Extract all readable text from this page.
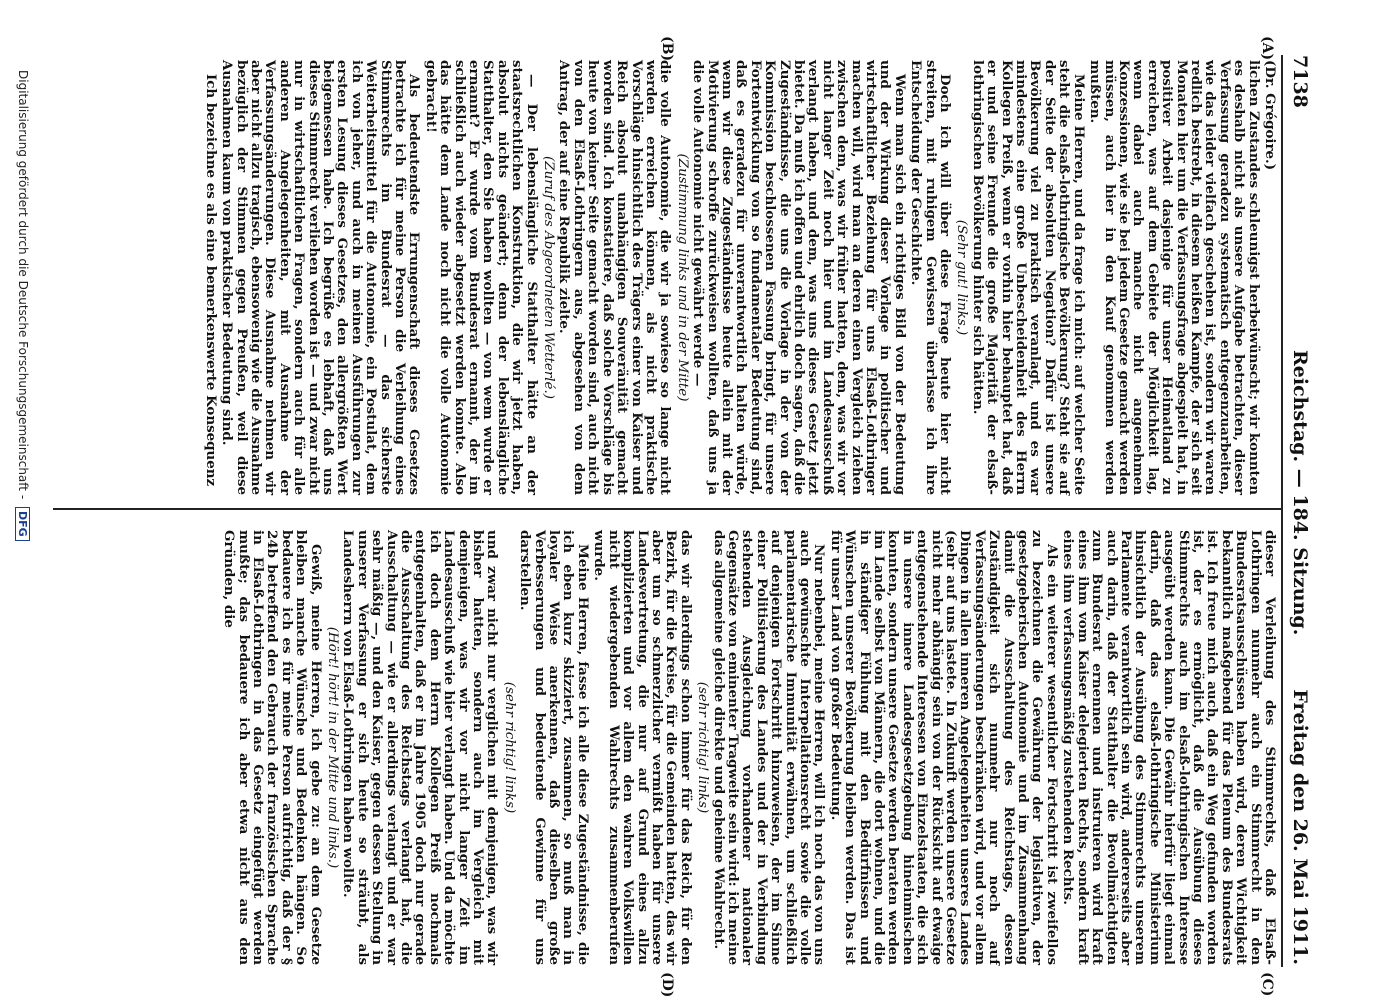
7138
Reichstag. — 184. Sitzung.
Freitag den 26. Mai 1911.
(A)
(B)
(C)
(D)

(Dr. Grégoire.)

lichen Zustandes schleunigst herbeiwünscht; wir konnten es deshalb nicht als unsere Aufgabe betrachten, dieser Verfassung geradezu systematisch entgegenzuarbeiten, wie das leider vielfach geschehen ist, sondern wir waren redlich bestrebt, in diesem heißen Kampfe, der sich seit Monaten hier um die Verfassungsfrage abgespielt hat, in positiver Arbeit dasjenige für unser Heimatland zu erreichen, was auf dem Gebiete der Möglichkeit lag, wenn dabei auch manche nicht angenehmen Konzessionen, wie sie bei jedem Gesetze gemacht werden müssen, auch hier in den Kauf genommen werden mußten.

Meine Herren, und da frage ich mich: auf welcher Seite steht die elsaß-lothringische Bevölkerung? Steht sie auf der Seite der absoluten Negation? Dafür ist unsere Bevölkerung viel zu praktisch veranlagt, und es war mindestens eine große Unbescheidenheit des Herrn Kollegen Preiß, wenn er vorhin hier behauptet hat, daß er und seine Freunde die große Majorität der elsaß-lothringischen Bevölkerung hinter sich hätten.

(Sehr gut! links.)

Doch ich will über diese Frage heute hier nicht streiten, mit ruhigem Gewissen überlasse ich ihre Entscheidung der Geschichte.

Wenn man sich ein richtiges Bild von der Bedeutung und der Wirkung dieser Vorlage in politischer und wirtschaftlicher Beziehung für uns Elsaß-Lothringer machen will, wird man an deren einen Vergleich ziehen zwischen dem, was wir früher hatten, dem, was wir vor nicht langer Zeit noch hier und im Landesausschuß verlangt haben, und dem, was uns dieses Gesetz jetzt bietet. Da muß ich offen und ehrlich doch sagen, daß die Zugeständnisse, die uns die Vorlage in der von der Kommission beschlossenen Fassung bringt, für unsere Fortentwicklung von so fundamentaler Bedeutung sind, daß es geradezu für unverantwortlich halten würde, wenn wir diese Zugeständnisse heute allein mit der Motivierung schroffe zurückweisen wollten, daß uns ja die volle Autonomie nicht gewährt werde —

(Zustimmung links und in der Mitte)

die volle Autonomie, die wir ja sowieso so lange nicht werden erreichen können, als nicht praktische Vorschläge hinsichtlich des Trägers einer von Kaiser und Reich absolut unabhängigen Souveränität gemacht worden sind. Ich konstatiere, daß solche Vorschläge bis heute von keiner Seite gemacht worden sind, auch nicht von den Elsaß-Lothringern aus, abgesehen von dem Antrag, der auf eine Republik zielte.

(Zuruf des Abgeordneten Wetterlé.)

— Der lebenslängliche Statthalter hätte an der staatsrechtlichen Konstruktion, die wir jetzt haben, absolut nichts geändert; denn der lebenslängliche Statthalter, den Sie haben wollten — von wem wurde er ernannt? Er wurde vom Bundesrat ernannt, der im schließlich auch wieder abgesetzt werden konnte. Also das hätte dem Lande noch nicht die volle Autonomie gebracht!

Als bedeutendste Errungenschaft dieses Gesetzes betrachte ich für meine Person die Verleihung eines Stimmrechts im Bundesrat — das sicherste Weiterheitsmittel für die Autonomie, ein Postulat, dem ich von jeher, und auch in meinen Ausführungen zur ersten Lesung dieses Gesetzes, den allergrößten Wert beigemessen habe. Ich begrüße es lebhaft, daß uns dieses Stimmrecht verliehen worden ist — und zwar nicht nur in wirtschaftlichen Fragen, sondern auch für alle anderen Angelegenheiten, mit Ausnahme der Verfassungsänderungen. Diese Ausnahme nehmen wir aber nicht allzu tragisch, ebensowenig wie die Ausnahme bezüglich der Stimmen gegen Preußen, weil diese Ausnahmen kaum von praktischer Bedeutung sind.

Ich bezeichne es als eine bemerkenswerte Konsequenz

dieser Verleihung des Stimmrechts, daß Elsaß-Lothringen nunmehr auch ein Stimmrecht in den Bundesratsausschüssen haben wird, deren Wichtigkeit bekanntlich maßgebend für das Plenum des Bundesrats ist. Ich freue mich auch, daß ein Weg gefunden worden ist, der es ermöglicht, daß die Ausübung dieses Stimmrechts auch im elsaß-lothringischen Interesse ausgeübt werden kann. Die Gewähr hierfür liegt einmal darin, daß das elsaß-lothringische Ministerium hinsichtlich der Ausübung des Stimmrechts unserem Parlamente verantwortlich sein wird, andererseits aber auch darin, daß der Statthalter die Bevollmächtigten zum Bundesrat ernennen und instruieren wird kraft eines ihm vom Kaiser delegierten Rechts, sondern kraft eines ihm verfassungsmäßig zustehenden Rechts.

Als ein weiterer wesentlicher Fortschritt ist zweifellos zu bezeichnen die Gewährung der legislativen, der gesetzgeberischen Autonomie und im Zusammenhang damit die Ausschaltung des Reichstags, dessen Zuständigkeit sich nunmehr nur noch auf Verfassungsänderungen beschränken wird, und vor allem Dingen in allen inneren Angelegenheiten unseres Landes (sehr auf uns lastete. In Zukunft werden unsere Gesetze nicht mehr abhängig sein von der Rücksicht auf etwaige entgegenstehende Interessen von Einzelstaaten, die sich in unsere innere Landesgesetzgebung hineinmischen konnten, sondern unsere Gesetze werden beraten werden im Lande selbst von Männern, die dort wohnen, und die in ständiger Fühlung mit den Bedürfnissen und Wünschen unserer Bevölkerung bleiben werden. Das ist für unser Land von großer Bedeutung.

Nur nebenbei, meine Herren, will ich noch das von uns auch gewünschte Interpellationsrecht sowie die volle parlamentarische Immunität erwähnen, um schließlich auf denjenigen Fortschritt hinzuweisen, der im Sinne einer Politisierung des Landes und der in Verbindung stehenden Ausgleichung vorhandener nationaler Gegensätze von eminenter Tragweite sein wird: ich meine das allgemeine gleiche direkte und geheime Wahlrecht.

(sehr richtig! links)

das wir allerdings schon immer für das Reich, für den Bezirk, für die Kreise, für die Gemeinden hatten, das wir aber um so schmerzlicher vermißt haben für unsere Landesvertretung, die nur auf Grund eines allzu komplizierten und vor allem den wahren Volkswillen nicht wiedergebenden Wahlrechts zusammenberufen wurde.

Meine Herren, fasse ich alle diese Zugeständnisse, die ich eben kurz skizziert, zusammen, so muß man in loyaler Weise anerkennen, daß dieselben große Verbesserungen und bedeutende Gewinne für uns darstellen.

(sehr richtig! links)

und zwar nicht nur verglichen mit demjenigen, was wir bisher hatten, sondern auch im Vergleich mit demjenigen, was wir vor nicht langer Zeit im Landesausschuß wie hier verlangt haben. Und da möchte ich doch dem Herrn Kollegen Preiß nochmals entgegenhalten, daß er im Jahre 1905 doch nur gerade die Ausschaltung des Reichstags verlangt hat, die Ausschaltung — wie er allerdings verlangt und er war sehr mäßig —, und den Kaiser, gegen dessen Stellung in unserer Verfassung er sich heute so sträubt, als Landesherrn von Elsaß-Lothringen haben wollte.

(Hört! hört! in der Mitte und links.)

Gewiß, meine Herren, ich gebe zu: an dem Gesetze bleiben manche Wünsche und Bedenken hängen. So bedauere ich es für meine Person aufrichtig, daß der § 24b betreffend den Gebrauch der französischen Sprache in Elsaß-Lothringen in das Gesetz eingefügt werden mußte; das bedauere ich aber etwa nicht aus den Gründen, die

Digitalisierung gefördert durch die Deutsche Forschungsgemeinschaft - DFG
